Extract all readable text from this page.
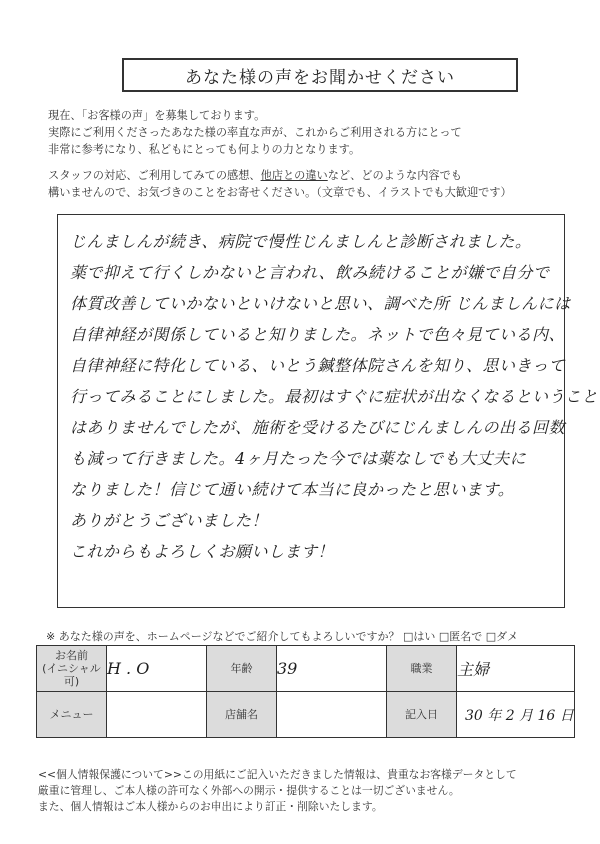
あなた様の声をお聞かせください

現在、「お客様の声」を募集しております。

実際にご利用くださったあなた様の率直な声が、これからご利用される方にとって

非常に参考になり、私どもにとっても何よりの力となります。

スタッフの対応、ご利用してみての感想、他店との違いなど、どのような内容でも

構いませんので、お気づきのことをお寄せください。（文章でも、イラストでも大歓迎です）

じんましんが続き、病院で慢性じんましんと診断されました。
薬で抑えて行くしかないと言われ、飲み続けることが嫌で自分で
体質改善していかないといけないと思い、調べた所 じんましんには
自律神経が関係していると知りました。ネットで色々見ている内、
自律神経に特化している、いとう鍼整体院さんを知り、思いきって
行ってみることにしました。最初はすぐに症状が出なくなるということ
はありませんでしたが、施術を受けるたびにじんましんの出る回数
も減って行きました。4ヶ月たった今では薬なしでも大丈夫に
なりました！信じて通い続けて本当に良かったと思います。
ありがとうございました！
これからもよろしくお願いします！
※ あなた様の声を、ホームページなどでご紹介してもよろしいですか？ □はい □匿名で □ダメ
お名前
(イニシャル可)	H . O	年齢	39	職業	主婦
メニュー		店舗名		記入日	30 年 2 月 16 日

<<個人情報保護について>>この用紙にご記入いただきました情報は、貴重なお客様データとして

厳重に管理し、ご本人様の許可なく外部への開示・提供することは一切ございません。

また、個人情報はご本人様からのお申出により訂正・削除いたします。
